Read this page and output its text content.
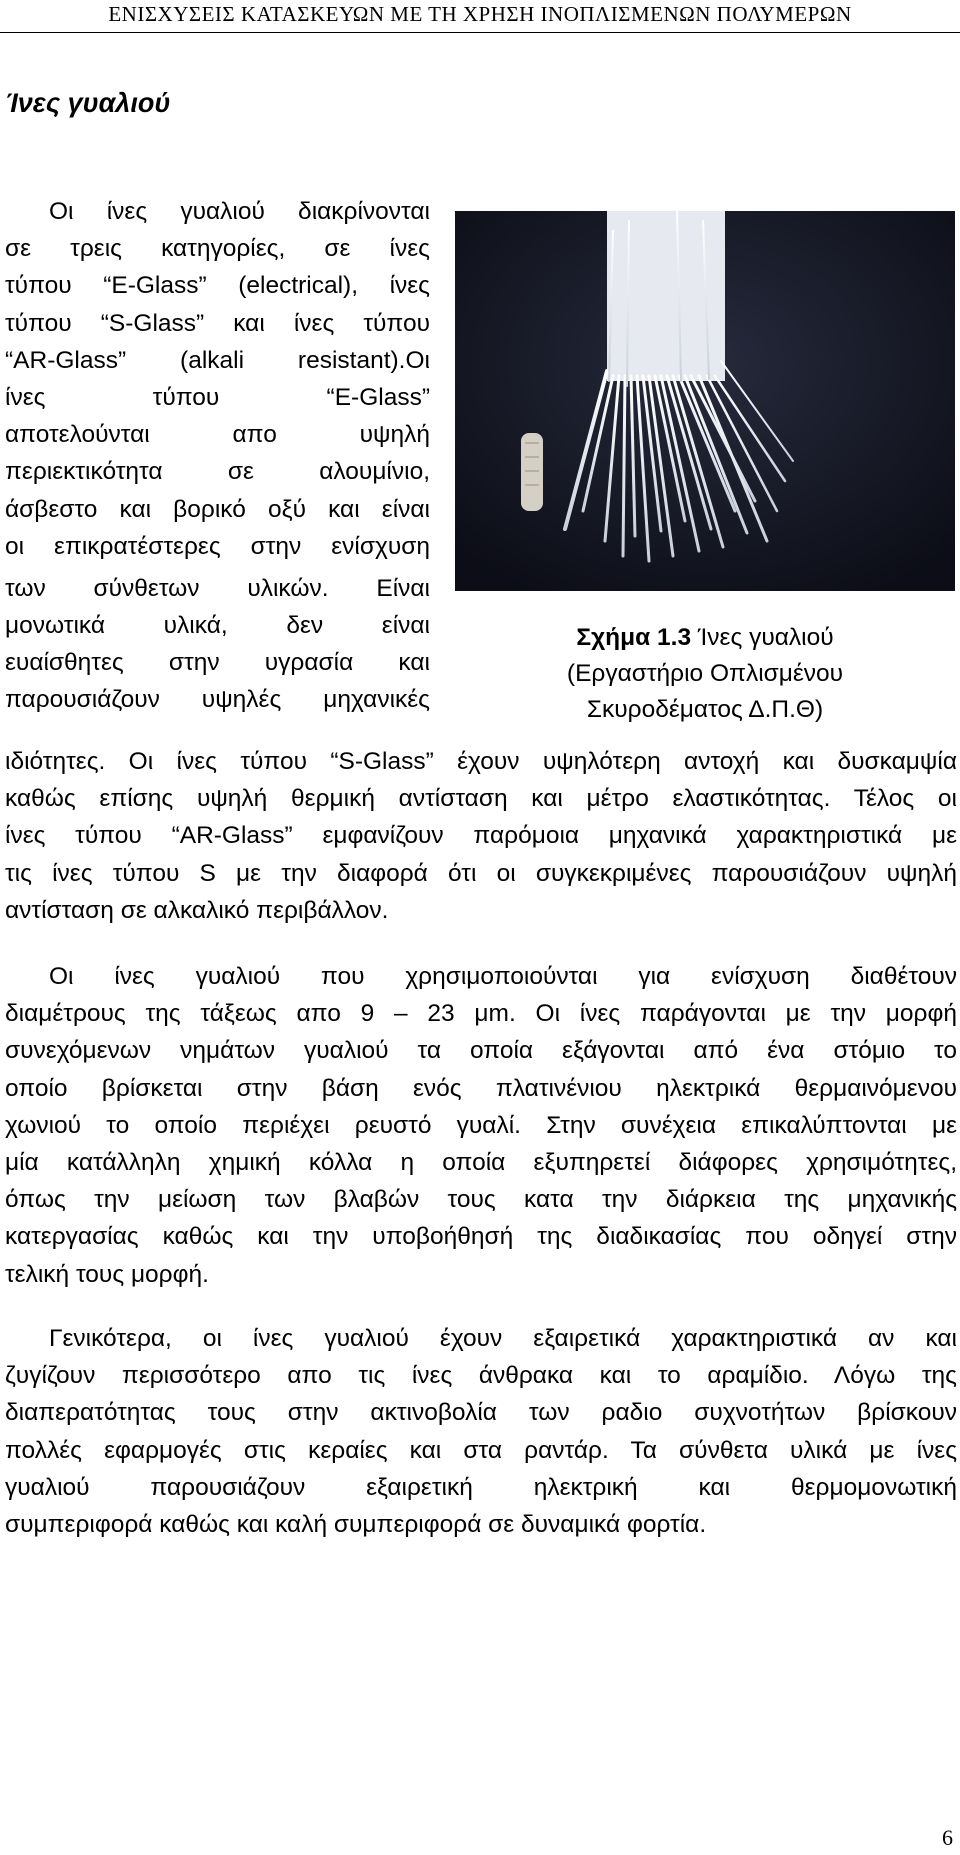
ΕΝΙΣΧΥΣΕΙΣ ΚΑΤΑΣΚΕΥΩΝ ΜΕ ΤΗ ΧΡΗΣΗ ΙΝΟΠΛΙΣΜΕΝΩΝ ΠΟΛΥΜΕΡΩΝ
Ίνες γυαλιού
Οι ίνες γυαλιού διακρίνονται
σε τρεις κατηγορίες, σε ίνες
τύπου “E-Glass” (electrical), ίνες
τύπου “S-Glass” και ίνες τύπου
“AR-Glass” (alkali resistant).Οι
ίνες τύπου “E-Glass”
αποτελούνται απο υψηλή
περιεκτικότητα σε αλουμίνιο,
άσβεστο και βορικό οξύ και είναι
οι επικρατέστερες στην ενίσχυση
των σύνθετων υλικών. Είναι
μονωτικά υλικά, δεν είναι
ευαίσθητες στην υγρασία και
παρουσιάζουν υψηλές μηχανικές
ιδιότητες. Οι ίνες τύπου “S-Glass” έχουν υψηλότερη αντοχή και δυσκαμψία
καθώς επίσης υψηλή θερμική αντίσταση και μέτρο ελαστικότητας. Τέλος οι
ίνες τύπου “AR-Glass” εμφανίζουν παρόμοια μηχανικά χαρακτηριστικά με
τις ίνες τύπου S με την διαφορά ότι οι συγκεκριμένες παρουσιάζουν υψηλή
αντίσταση σε αλκαλικό περιβάλλον.
Σχήμα 1.3 Ίνες γυαλιού
(Εργαστήριο Οπλισμένου
Σκυροδέματος Δ.Π.Θ)
Οι ίνες γυαλιού που χρησιμοποιούνται για ενίσχυση διαθέτουν
διαμέτρους της τάξεως απο 9 – 23 μm. Οι ίνες παράγονται με την μορφή
συνεχόμενων νημάτων γυαλιού τα οποία εξάγονται από ένα στόμιο το
οποίο βρίσκεται στην βάση ενός πλατινένιου ηλεκτρικά θερμαινόμενου
χωνιού το οποίο περιέχει ρευστό γυαλί. Στην συνέχεια επικαλύπτονται με
μία κατάλληλη χημική κόλλα η οποία εξυπηρετεί διάφορες χρησιμότητες,
όπως την μείωση των βλαβών τους κατα την διάρκεια της μηχανικής
κατεργασίας καθώς και την υποβοήθησή της διαδικασίας που οδηγεί στην
τελική τους μορφή.
Γενικότερα, οι ίνες γυαλιού έχουν εξαιρετικά χαρακτηριστικά αν και
ζυγίζουν περισσότερο απο τις ίνες άνθρακα και το αραμίδιο. Λόγω της
διαπερατότητας τους στην ακτινοβολία των ραδιο συχνοτήτων βρίσκουν
πολλές εφαρμογές στις κεραίες και στα ραντάρ. Τα σύνθετα υλικά με ίνες
γυαλιού παρουσιάζουν εξαιρετική ηλεκτρική και θερμομονωτική
συμπεριφορά καθώς και καλή συμπεριφορά σε δυναμικά φορτία.
6
